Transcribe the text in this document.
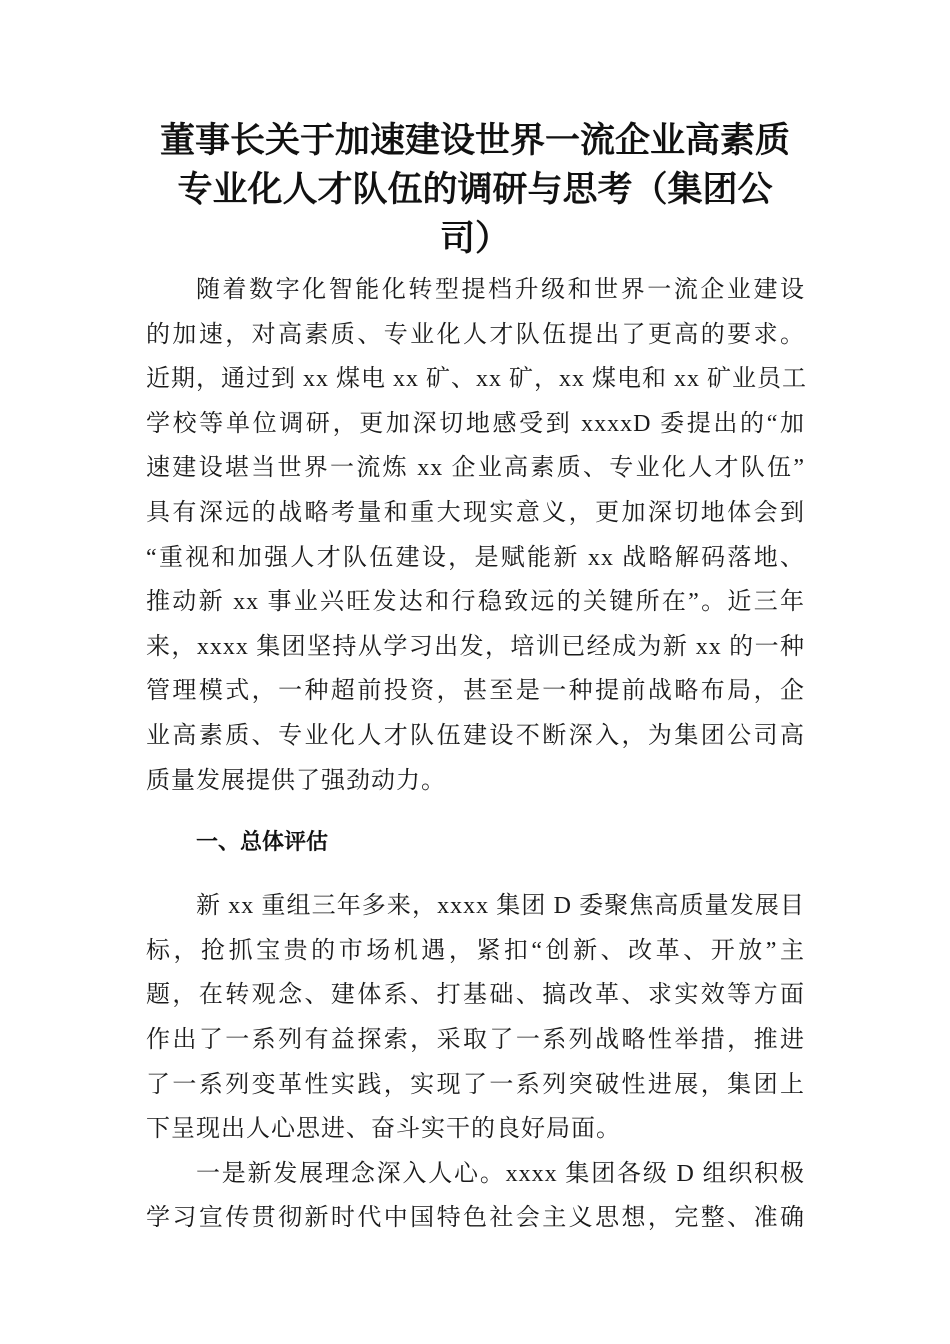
董事长关于加速建设世界一流企业高素质
专业化人才队伍的调研与思考（集团公
司）
随着数字化智能化转型提档升级和世界一流企业建设
的加速，对高素质、专业化人才队伍提出了更高的要求。
近期，通过到 xx 煤电 xx 矿、xx 矿，xx 煤电和 xx 矿业员工
学校等单位调研，更加深切地感受到 xxxxD 委提出的“加
速建设堪当世界一流炼 xx 企业高素质、专业化人才队伍”
具有深远的战略考量和重大现实意义，更加深切地体会到
“重视和加强人才队伍建设，是赋能新 xx 战略解码落地、
推动新 xx 事业兴旺发达和行稳致远的关键所在”。近三年
来，xxxx 集团坚持从学习出发，培训已经成为新 xx 的一种
管理模式，一种超前投资，甚至是一种提前战略布局，企
业高素质、专业化人才队伍建设不断深入，为集团公司高
质量发展提供了强劲动力。
一、总体评估
新 xx 重组三年多来，xxxx 集团 D 委聚焦高质量发展目
标，抢抓宝贵的市场机遇，紧扣“创新、改革、开放”主
题，在转观念、建体系、打基础、搞改革、求实效等方面
作出了一系列有益探索，采取了一系列战略性举措，推进
了一系列变革性实践，实现了一系列突破性进展，集团上
下呈现出人心思进、奋斗实干的良好局面。
一是新发展理念深入人心。xxxx 集团各级 D 组织积极
学习宣传贯彻新时代中国特色社会主义思想，完整、准确
